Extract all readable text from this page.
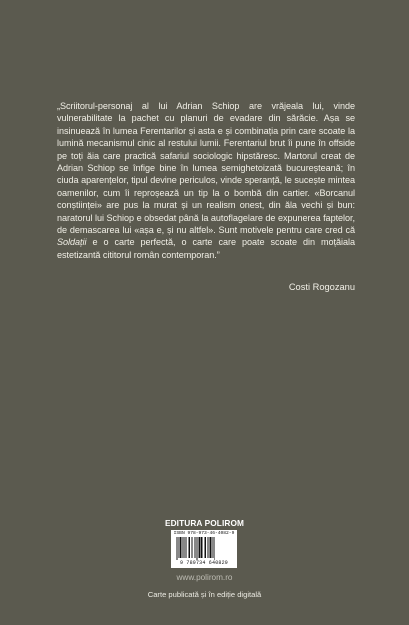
„Scriitorul-personaj al lui Adrian Schiop are vrăjeala lui, vinde vulnerabilitate la pachet cu planuri de evadare din sărăcie. Așa se insinuează în lumea Ferentarilor și asta e și combinația prin care scoate la lumină mecanismul cinic al restului lumii. Ferentariul brut îi pune în offside pe toți ăia care practică safariul sociologic hipstăresc. Martorul creat de Adrian Schiop se înfige bine în lumea semighetoizată bucureșteană; în ciuda aparențelor, tipul devine periculos, vinde speranță, le sucește mintea oamenilor, cum îi reproșează un tip la o bombă din cartier. «Borcanul conștiinței» are pus la murat și un realism onest, din ăla vechi și bun: naratorul lui Schiop e obsedat până la autoflagelare de expunerea faptelor, de demascarea lui «așa e, și nu altfel». Sunt motivele pentru care cred că Soldații e o carte perfectă, o carte care poate scoate din moțăiala estetizantă cititorul român contemporan.”

Costi Rogozanu
EDITURA POLIROM
ISBN 978-973-46-4082-9
9 789734 640829
www.polirom.ro
Carte publicată și în ediție digitală
